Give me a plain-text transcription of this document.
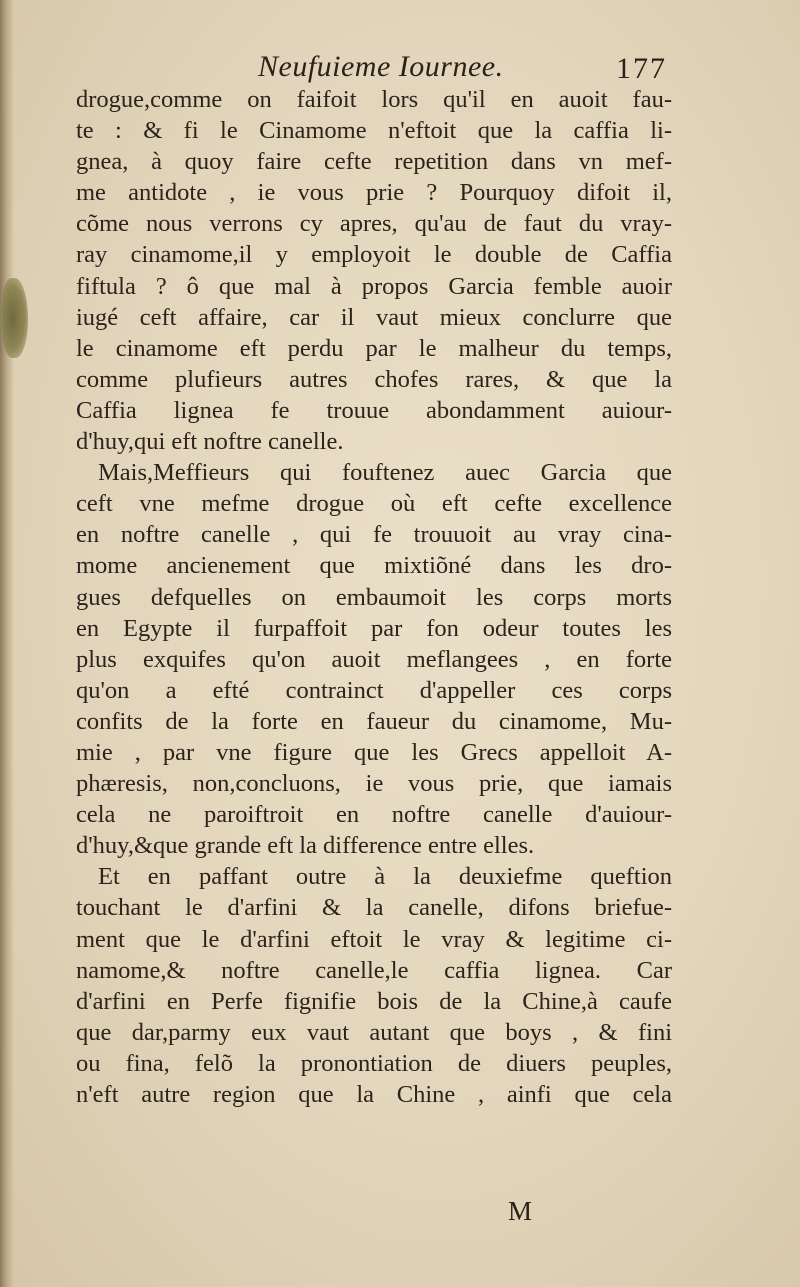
Neufuieme Iournee.	177
drogue,comme on faifoit lors qu'il en auoit fau-
te : & fi le Cinamome n'eftoit que la caffia li-
gnea, à quoy faire cefte repetition dans vn mef-
me antidote , ie vous prie ? Pourquoy difoit il,
cõme nous verrons cy apres, qu'au de faut du vray-
ray cinamome,il y employoit le double de Caffia
fiftula ? ô que mal à propos Garcia femble auoir
iugé ceft affaire, car il vaut mieux conclurre que
le cinamome eft perdu par le malheur du temps,
comme plufieurs autres chofes rares, & que la
Caffia lignea fe trouue abondamment auiour-
d'huy,qui eft noftre canelle.
Mais,Meffieurs qui fouftenez auec Garcia que
ceft vne mefme drogue où eft cefte excellence
en noftre canelle , qui fe trouuoit au vray cina-
mome ancienement que mixtiõné dans les dro-
gues defquelles on embaumoit les corps morts
en Egypte il furpaffoit par fon odeur toutes les
plus exquifes qu'on auoit meflangees , en forte
qu'on a efté contrainct d'appeller ces corps
confits de la forte en faueur du cinamome, Mu-
mie , par vne figure que les Grecs appelloit A-
phæresis, non,concluons, ie vous prie, que iamais
cela ne paroiftroit en noftre canelle d'auiour-
d'huy,&que grande eft la difference entre elles.
Et en paffant outre à la deuxiefme queftion
touchant le d'arfini & la canelle, difons briefue-
ment que le d'arfini eftoit le vray & legitime ci-
namome,& noftre canelle,le caffia lignea. Car
d'arfini en Perfe fignifie bois de la Chine,à caufe
que dar,parmy eux vaut autant que boys , & fini
ou fina, felõ la pronontiation de diuers peuples,
n'eft autre region que la Chine , ainfi que cela
M
